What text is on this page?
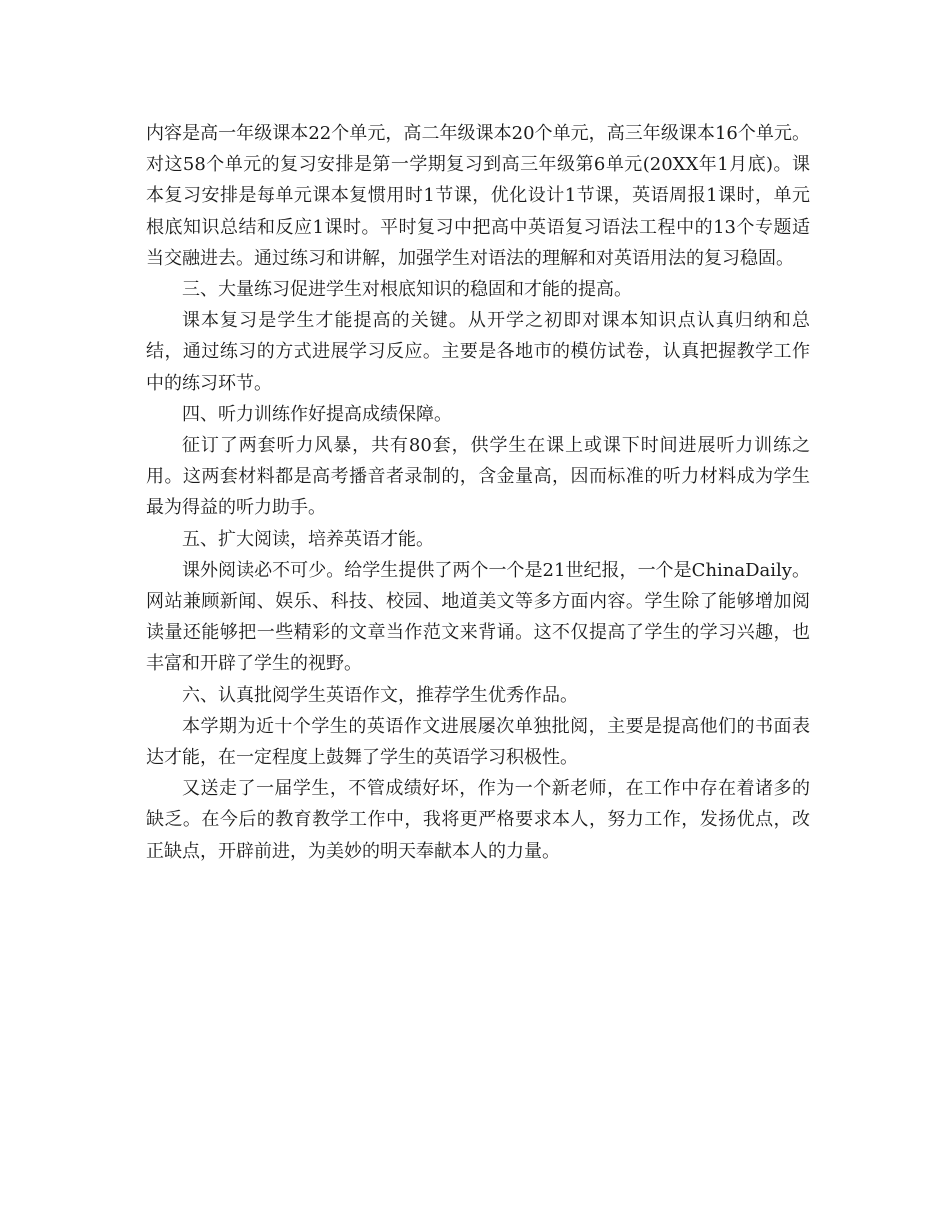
内容是高一年级课本22个单元，高二年级课本20个单元，高三年级课本16个单元。对这58个单元的复习安排是第一学期复习到高三年级第6单元(20XX年1月底)。课本复习安排是每单元课本复惯用时1节课，优化设计1节课，英语周报1课时，单元根底知识总结和反应1课时。平时复习中把高中英语复习语法工程中的13个专题适当交融进去。通过练习和讲解，加强学生对语法的理解和对英语用法的复习稳固。

三、大量练习促进学生对根底知识的稳固和才能的提高。

课本复习是学生才能提高的关键。从开学之初即对课本知识点认真归纳和总结，通过练习的方式进展学习反应。主要是各地市的模仿试卷，认真把握教学工作中的练习环节。

四、听力训练作好提高成绩保障。

征订了两套听力风暴，共有80套，供学生在课上或课下时间进展听力训练之用。这两套材料都是高考播音者录制的，含金量高，因而标准的听力材料成为学生最为得益的听力助手。

五、扩大阅读，培养英语才能。

课外阅读必不可少。给学生提供了两个一个是21世纪报，一个是ChinaDaily。网站兼顾新闻、娱乐、科技、校园、地道美文等多方面内容。学生除了能够增加阅读量还能够把一些精彩的文章当作范文来背诵。这不仅提高了学生的学习兴趣，也丰富和开辟了学生的视野。

六、认真批阅学生英语作文，推荐学生优秀作品。

本学期为近十个学生的英语作文进展屡次单独批阅，主要是提高他们的书面表达才能，在一定程度上鼓舞了学生的英语学习积极性。

又送走了一届学生，不管成绩好坏，作为一个新老师，在工作中存在着诸多的缺乏。在今后的教育教学工作中，我将更严格要求本人，努力工作，发扬优点，改正缺点，开辟前进，为美妙的明天奉献本人的力量。
